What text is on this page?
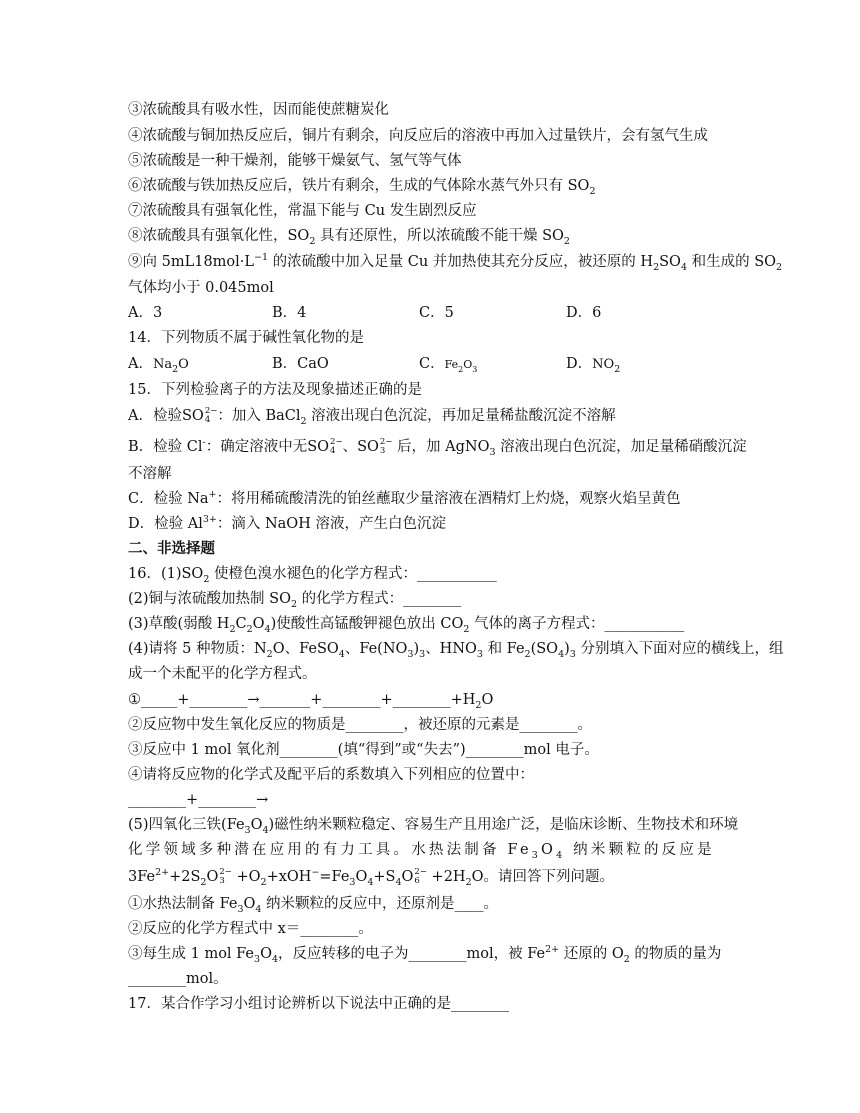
③浓硫酸具有吸水性，因而能使蔗糖炭化
④浓硫酸与铜加热反应后，铜片有剩余，向反应后的溶液中再加入过量铁片，会有氢气生成
⑤浓硫酸是一种干燥剂，能够干燥氨气、氢气等气体
⑥浓硫酸与铁加热反应后，铁片有剩余，生成的气体除水蒸气外只有 $SO_2$
⑦浓硫酸具有强氧化性，常温下能与 Cu 发生剧烈反应
⑧浓硫酸具有强氧化性，$SO_2$ 具有还原性，所以浓硫酸不能干燥 $SO_2$
⑨向 $5mL18mol\cdot L^{-1}$ 的浓硫酸中加入足量 Cu 并加热使其充分反应，被还原的 $H_2SO_4$ 和生成的 $SO_2$
气体均小于 0.045mol
A．3	B．4	C．5	D．6
14．下列物质不属于碱性氧化物的是
A．$Na_2O$	B．CaO	C．$Fe_2O_3$	D．$NO_2$
15．下列检验离子的方法及现象描述正确的是
A．检验SO 2−
4 ：加入 BaCl$_2$ 溶液出现白色沉淀，再加足量稀盐酸沉淀不溶解
B．检验 Cl-：确定溶液中无SO 2−
4 、SO 2−
3 后，加 AgNO$_3$ 溶液出现白色沉淀，加足量稀硝酸沉淀
不溶解
C．检验 Na+：将用稀硫酸清洗的铂丝蘸取少量溶液在酒精灯上灼烧，观察火焰呈黄色
D．检验 $Al^{3+}$：滴入 NaOH 溶液，产生白色沉淀
二、非选择题
16．$(1)SO_2$ 使橙色溴水褪色的化学方程式：___________
(2)铜与浓硫酸加热制 $SO_2$ 的化学方程式：________
(3)草酸(弱酸 $H_2C_2O_4$)使酸性高锰酸钾褪色放出 $CO_2$ 气体的离子方程式：___________
(4)请将 5 种物质：$N_2O$、FeSO$_4$、$Fe(NO_3)_3$、$HNO_3$ 和 $Fe_2(SO_4)_3$ 分别填入下面对应的横线上，组
成一个未配平的化学方程式。
$①\_\_\_\_\_+\_\_\_\_\_\_\_\_\to\_\_\_\_\_\_\_+\_\_\_\_\_\_\_\_+\_\_\_\_\_\_\_\_+H_2O$
②反应物中发生氧化反应的物质是________，被还原的元素是________。
③反应中 1 mol 氧化剂________(填“得到”或“失去”)________mol 电子。
④请将反应物的化学式及配平后的系数填入下列相应的位置中：
________+________→
(5)四氧化三铁$(Fe_3O_4)$磁性纳米颗粒稳定、容易生产且用途广泛，是临床诊断、生物技术和环境
化学领域多种潜在应用的有力工具。水热法制备 $Fe_3O_4$ 纳米颗粒的反应是
$3Fe^{2+}+2S_2O$ 2−
$3 +O_2+xOH^-=Fe_3O_4+S_4O$ 2−
$6 +2H_2O$。请回答下列问题。
①水热法制备 $Fe_3O_4$ 纳米颗粒的反应中，还原剂是____。
②反应的化学方程式中 x＝________。
③每生成 1 mol $Fe_3O_4$，反应转移的电子为________mol，被 $Fe^{2+}$ 还原的 $O_2$ 的物质的量为
________mol。
17．某合作学习小组讨论辨析以下说法中正确的是________
